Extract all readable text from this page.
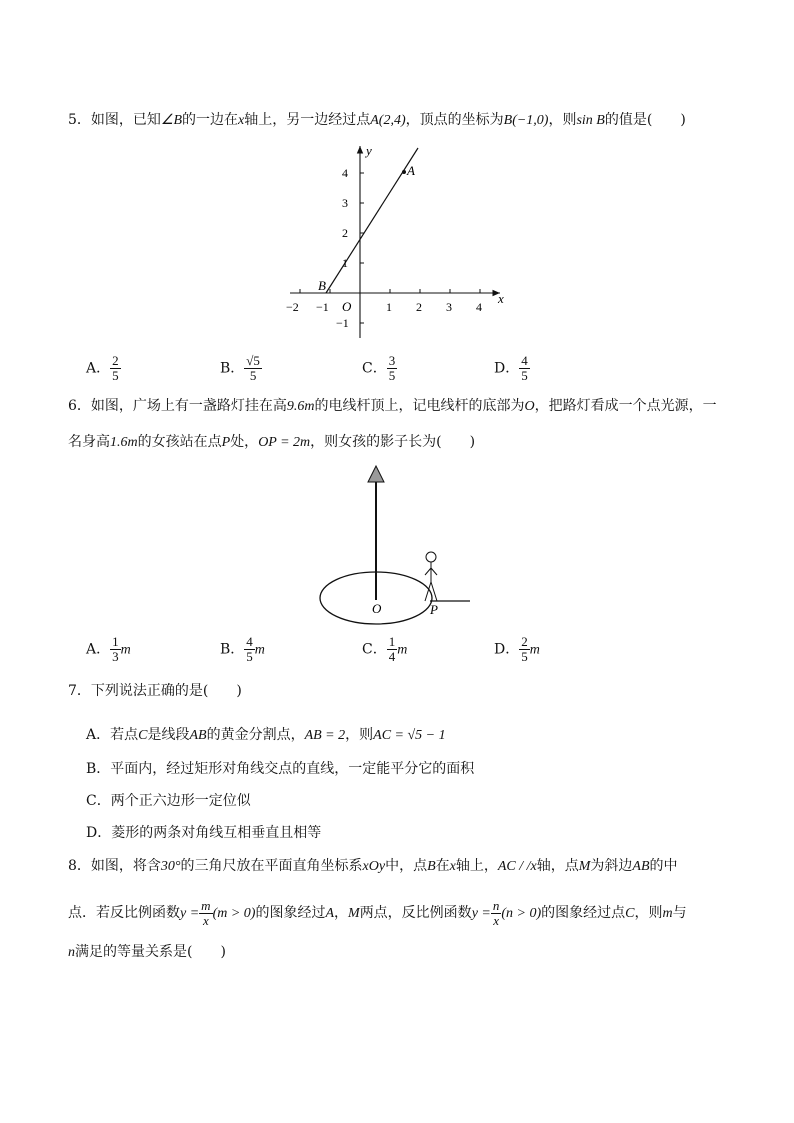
5．如图，已知∠B的一边在x轴上，另一边经过点A(2,4)，顶点的坐标为B(−1,0)，则sin B的值是(　　)
x
y
A
B
O
−2 −1	1 2 3 4
4
3
2
1
−1
A． $\frac{2}{5}$	B． $\frac{√5}{5}$	C． $\frac{3}{5}$	D． $\frac{4}{5}$
6．如图，广场上有一盏路灯挂在高9.6m的电线杆顶上，记电线杆的底部为O，把路灯看成一个点光源，一
名身高1.6m的女孩站在点P处，OP = 2m，则女孩的影子长为(　　)
O	P
A． $\frac{1}{3}$ m	B． $\frac{4}{5}$ m	C． $\frac{1}{4}$ m	D． $\frac{2}{5}$ m
7．下列说法正确的是(　　)
A．若点C是线段AB的黄金分割点，AB = 2，则AC = √5 − 1
B．平面内，经过矩形对角线交点的直线，一定能平分它的面积
C．两个正六边形一定位似
D．菱形的两条对角线互相垂直且相等
8．如图，将含30°的三角尺放在平面直角坐标系xOy中，点B在x轴上，AC / /x轴，点M为斜边AB的中
点．若反比例函数$y = \frac{m}{x} (m > 0)$的图象经过A，M两点，反比例函数$y = \frac{n}{x} (n > 0)$的图象经过点C，则m与
n满足的等量关系是(　　)
